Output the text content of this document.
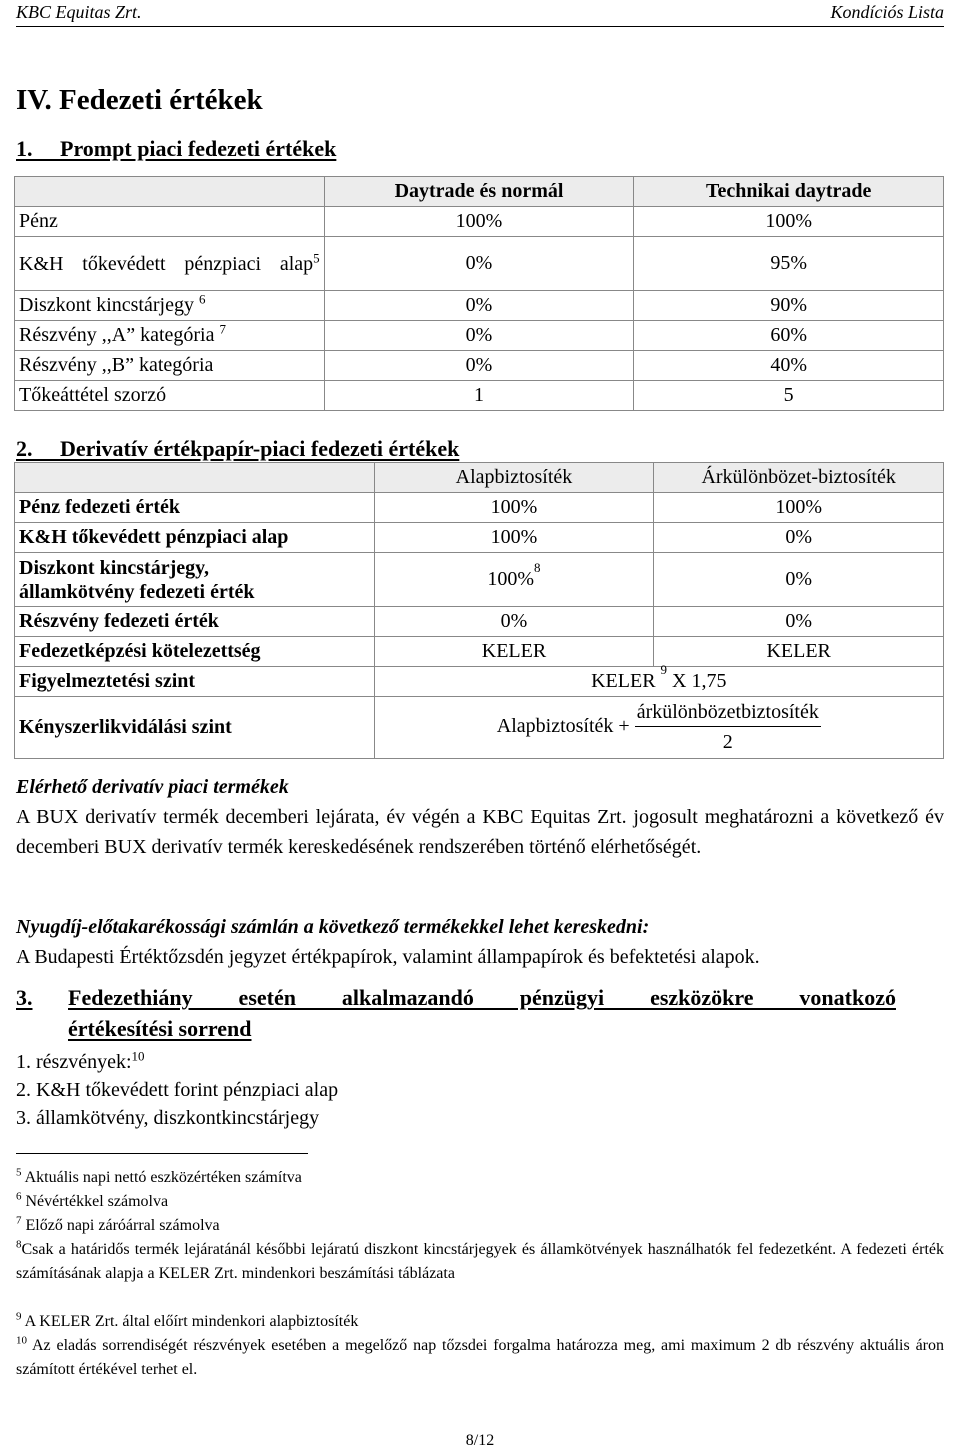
KBC Equitas Zrt.	Kondíciós Lista
IV. Fedezeti értékek
1. Prompt piaci fedezeti értékek
	Daytrade és normál	Technikai daytrade
Pénz	100%	100%
K&H tőkevédett pénzpiaci alap$^5$	0%	95%
Diszkont kincstárjegy $^6$	0%	90%
Részvény ,,A” kategória $^7$	0%	60%
Részvény ,,B” kategória	0%	40%
Tőkeáttétel szorzó	1	5
2. Derivatív értékpapír-piaci fedezeti értékek
	Alapbiztosíték	Árkülönbözet-biztosíték
Pénz fedezeti érték	100%	100%
K&H tőkevédett pénzpiaci alap	100%	0%

Diszkont kincstárjegy,
államkötvény fedezeti érték	100%$^8$	0%
Részvény fedezeti érték	0%	0%
Fedezetképzési kötelezettség	KELER	KELER
Figyelmeztetési szint	KELER $^9$ X 1,75	
Kényszerlikvidálási szint	Alapbiztosíték + $\frac{\text{árkülönbözetbiztosíték}}{2}$
Elérhető derivatív piaci termékek
A BUX derivatív termék decemberi lejárata, év végén a KBC Equitas Zrt. jogosult meghatározni a következő év decemberi BUX derivatív termék kereskedésének rendszerében történő elérhetőségét.
Nyugdíj-előtakarékossági számlán a következő termékekkel lehet kereskedni:
A Budapesti Értéktőzsdén jegyzet értékpapírok, valamint állampapírok és befektetési alapok.
3.	Fedezethiány esetén alkalmazandó pénzügyi eszközökre vonatkozó
értékesítési sorrend
1. részvények:$^{10}$
2. K&H tőkevédett forint pénzpiaci alap
3. államkötvény, diszkontkincstárjegy
$^5$ Aktuális napi nettó eszközértéken számítva
$^6$ Névértékkel számolva
$^7$ Előző napi záróárral számolva
$^8$Csak a határidős termék lejáratánál későbbi lejáratú diszkont kincstárjegyek és államkötvények használhatók fel fedezetként. A fedezeti érték számításának alapja a KELER Zrt. mindenkori beszámítási táblázata
$^9$ A KELER Zrt. által előírt mindenkori alapbiztosíték
$^{10}$ Az eladás sorrendiségét részvények esetében a megelőző nap tőzsdei forgalma határozza meg, ami maximum 2 db részvény aktuális áron számított értékével terhet el.
8/12
